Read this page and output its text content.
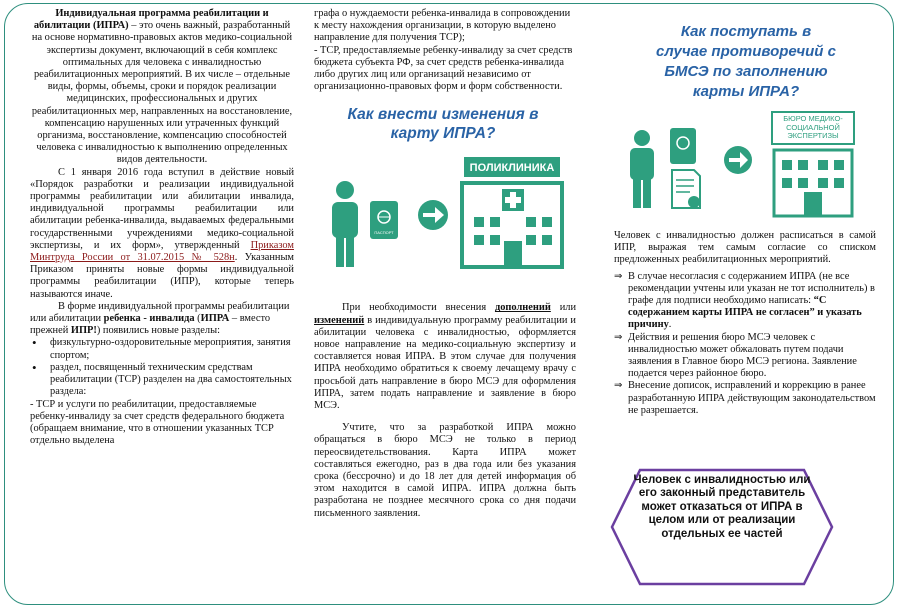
Индивидуальная программа реабилитации и абилитации (ИПРА) – это очень важный, разработанный на основе нормативно-правовых актов медико-социальной экспертизы документ, включающий в себя комплекс оптимальных для человека с инвалидностью реабилитационных мероприятий. В их числе – отдельные виды, формы, объемы, сроки и порядок реализации медицинских, профессиональных и других реабилитационных мер, направленных на восстановление, компенсацию нарушенных или утраченных функций организма, восстановление, компенсацию способностей человека с инвалидностью к выполнению определенных видов деятельности.

С 1 января 2016 года вступил в действие новый «Порядок разработки и реализации индивидуальной программы реабилитации или абилитации инвалида, индивидуальной программы реабилитации или абилитации ребенка-инвалида, выдаваемых федеральными государственными учреждениями медико-социальной экспертизы, и их форм», утвержденный Приказом Минтруда России от 31.07.2015 № 528н. Указанным Приказом приняты новые формы индивидуальной программы реабилитации (ИПР), которые теперь называются иначе.

В форме индивидуальной программы реабилитации или абилитации ребенка - инвалида (ИПРА – вместо прежней ИПР!) появились новые разделы:

• физкультурно-оздоровительные мероприятия, занятия спортом;
• раздел, посвященный техническим средствам реабилитации (ТСР) разделен на два самостоятельных раздела:

- ТСР и услуги по реабилитации, предоставляемые ребенку-инвалиду за счет средств федерального бюджета (обращаем внимание, что в отношении указанных ТСР отдельно выделена

графа о нуждаемости ребенка-инвалида в сопровождении к месту нахождения организации, в которую выделено направление для получения ТСР);

- ТСР, предоставляемые ребенку-инвалиду за счет средств бюджета субъекта РФ, за счет средств ребенка-инвалида либо других лиц или организаций независимо от организационно-правовых форм и форм собственности.

Как внести изменения в карту ИПРА?
ПАСПОРТ
ПОЛИКЛИНИКА

При необходимости внесения дополнений или изменений в индивидуальную программу реабилитации и абилитации человека с инвалидностью, оформляется новое направление на медико-социальную экспертизу и составляется новая ИПРА. В этом случае для получения ИПРА необходимо обратиться к своему лечащему врачу с просьбой дать направление в бюро МСЭ для оформления ИПРА, затем подать направление и заявление в бюро МСЭ.

Учтите, что за разработкой ИПРА можно обращаться в бюро МСЭ не только в период переосвидетельствования. Карта ИПРА может составляться ежегодно, раз в два года или без указания срока (бессрочно) и до 18 лет для детей информация об этом находится в самой ИПРА. ИПРА должна быть разработана не позднее месячного срока со дня подачи письменного заявления.

Как поступать в случае противоречий с БМСЭ по заполнению карты ИПРА?
БЮРО МЕДИКО-СОЦИАЛЬНОЙ ЭКСПЕРТИЗЫ

Человек с инвалидностью должен расписаться в самой ИПР, выражая тем самым согласие со списком предложенных реабилитационных мероприятий.

⇒ В случае несогласия с содержанием ИПРА (не все рекомендации учтены или указан не тот исполнитель) в графе для подписи необходимо написать: “С содержанием карты ИПРА не согласен” и указать причину.
⇒ Действия и решения бюро МСЭ человек с инвалидностью может обжаловать путем подачи заявления в Главное бюро МСЭ региона. Заявление подается через районное бюро.
⇒ Внесение дописок, исправлений и коррекцию в ранее разработанную ИПРА действующим законодательством не разрешается.
Человек с инвалидностью или его законный представитель может отказаться от ИПРА в целом или от реализации отдельных ее частей
